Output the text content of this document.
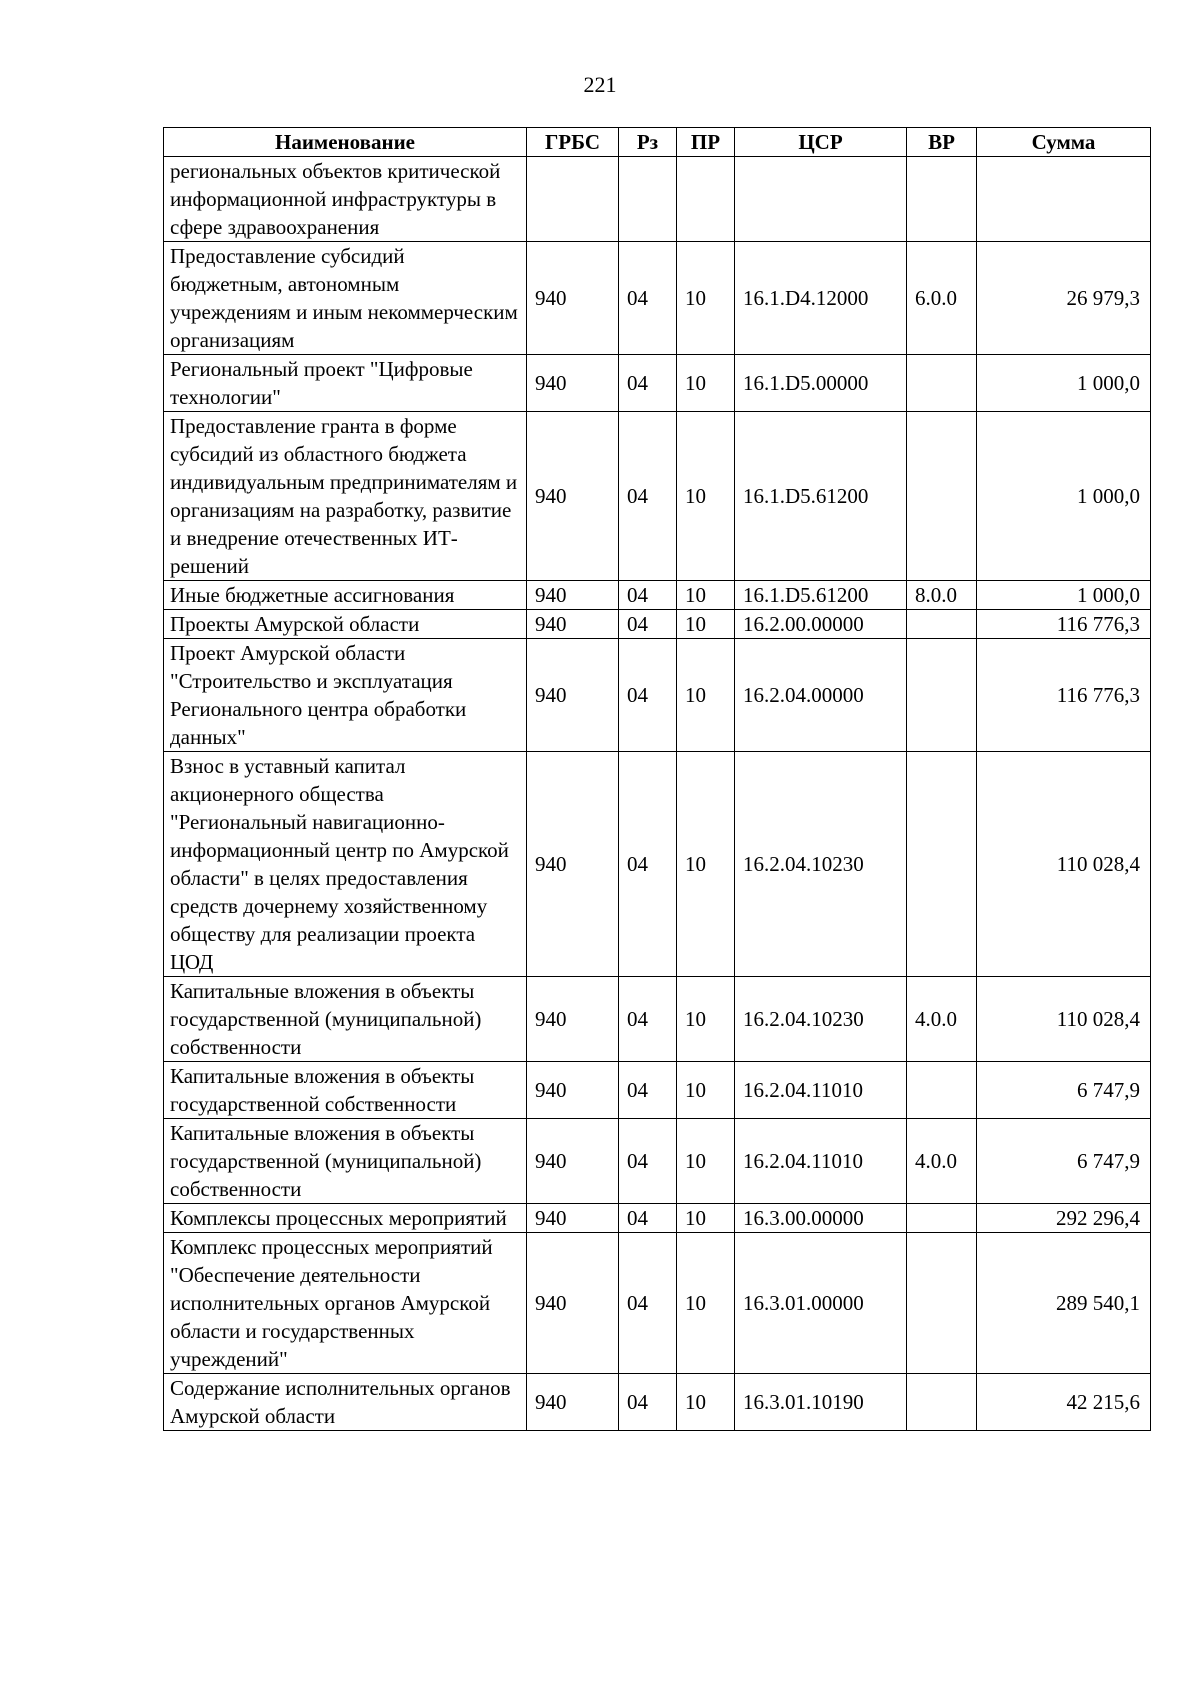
221
Наименование	ГРБС	Рз	ПР	ЦСР	ВР	Сумма
региональных объектов критической информационной инфраструктуры в сфере здравоохранения						
Предоставление субсидий бюджетным, автономным учреждениям и иным некоммерческим организациям	940	04	10	16.1.D4.12000	6.0.0	26 979,3
Региональный проект "Цифровые технологии"	940	04	10	16.1.D5.00000		1 000,0
Предоставление гранта в форме субсидий из областного бюджета индивидуальным предпринимателям и организациям на разработку, развитие и внедрение отечественных ИТ-решений	940	04	10	16.1.D5.61200		1 000,0
Иные бюджетные ассигнования	940	04	10	16.1.D5.61200	8.0.0	1 000,0
Проекты Амурской области	940	04	10	16.2.00.00000		116 776,3
Проект Амурской области "Строительство и эксплуатация Регионального центра обработки данных"	940	04	10	16.2.04.00000		116 776,3
Взнос в уставный капитал акционерного общества "Региональный навигационно-информационный центр по Амурской области" в целях предоставления средств дочернему хозяйственному обществу для реализации проекта ЦОД	940	04	10	16.2.04.10230		110 028,4
Капитальные вложения в объекты государственной (муниципальной) собственности	940	04	10	16.2.04.10230	4.0.0	110 028,4
Капитальные вложения в объекты государственной собственности	940	04	10	16.2.04.11010		6 747,9
Капитальные вложения в объекты государственной (муниципальной) собственности	940	04	10	16.2.04.11010	4.0.0	6 747,9
Комплексы процессных мероприятий	940	04	10	16.3.00.00000		292 296,4
Комплекс процессных мероприятий "Обеспечение деятельности исполнительных органов Амурской области и государственных учреждений"	940	04	10	16.3.01.00000		289 540,1
Содержание исполнительных органов Амурской области	940	04	10	16.3.01.10190		42 215,6
